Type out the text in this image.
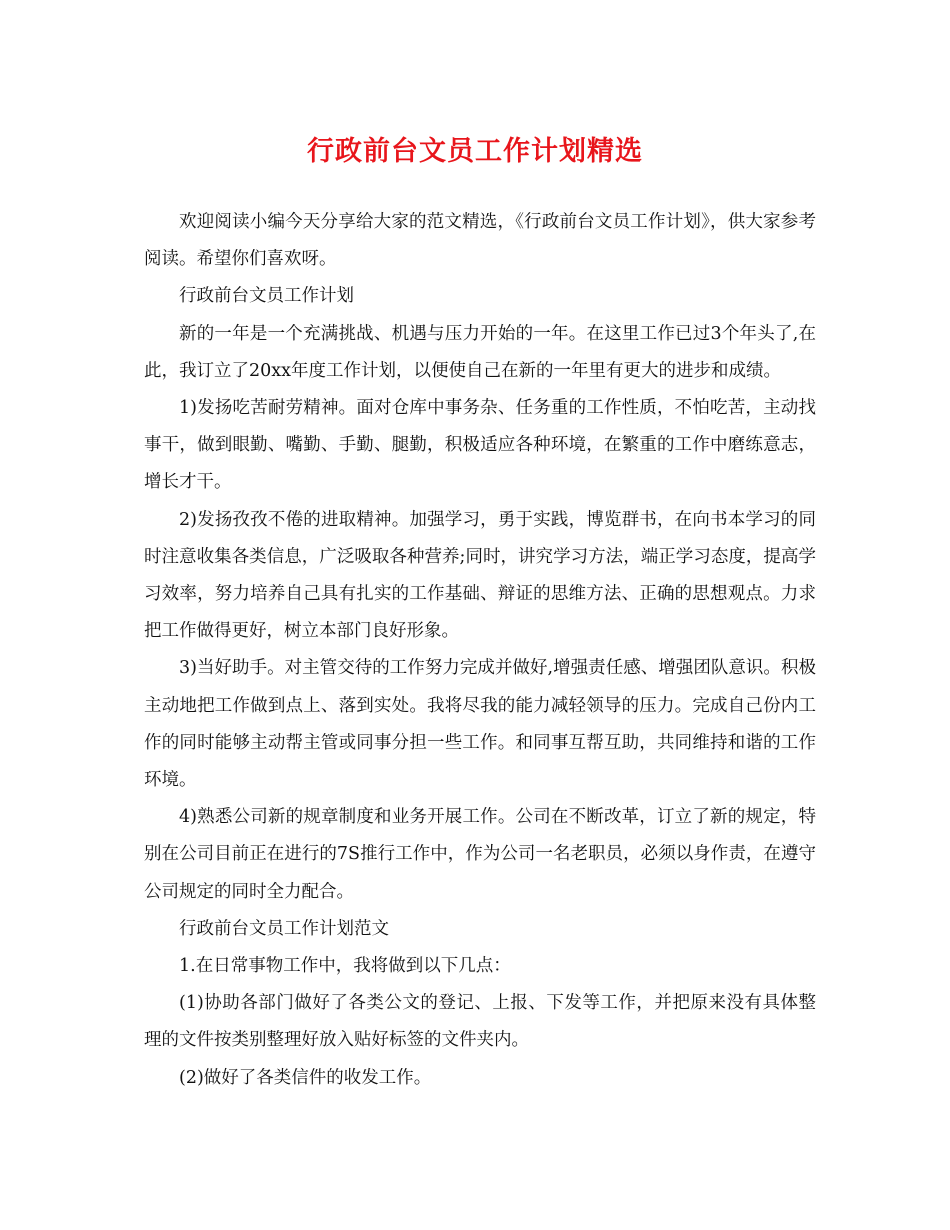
行政前台文员工作计划精选

欢迎阅读小编今天分享给大家的范文精选，《行政前台文员工作计划》，供大家参考阅读。希望你们喜欢呀。

行政前台文员工作计划

新的一年是一个充满挑战、机遇与压力开始的一年。在这里工作已过3个年头了,在此，我订立了20xx年度工作计划，以便使自己在新的一年里有更大的进步和成绩。

1)发扬吃苦耐劳精神。面对仓库中事务杂、任务重的工作性质，不怕吃苦，主动找事干，做到眼勤、嘴勤、手勤、腿勤，积极适应各种环境，在繁重的工作中磨练意志，增长才干。

2)发扬孜孜不倦的进取精神。加强学习，勇于实践，博览群书，在向书本学习的同时注意收集各类信息，广泛吸取各种营养;同时，讲究学习方法，端正学习态度，提高学习效率，努力培养自己具有扎实的工作基础、辩证的思维方法、正确的思想观点。力求把工作做得更好，树立本部门良好形象。

3)当好助手。对主管交待的工作努力完成并做好,增强责任感、增强团队意识。积极主动地把工作做到点上、落到实处。我将尽我的能力减轻领导的压力。完成自己份内工作的同时能够主动帮主管或同事分担一些工作。和同事互帮互助，共同维持和谐的工作环境。

4)熟悉公司新的规章制度和业务开展工作。公司在不断改革，订立了新的规定，特别在公司目前正在进行的7S推行工作中，作为公司一名老职员，必须以身作责，在遵守公司规定的同时全力配合。

行政前台文员工作计划范文

1.在日常事物工作中，我将做到以下几点：

(1)协助各部门做好了各类公文的登记、上报、下发等工作，并把原来没有具体整理的文件按类别整理好放入贴好标签的文件夹内。

(2)做好了各类信件的收发工作。
